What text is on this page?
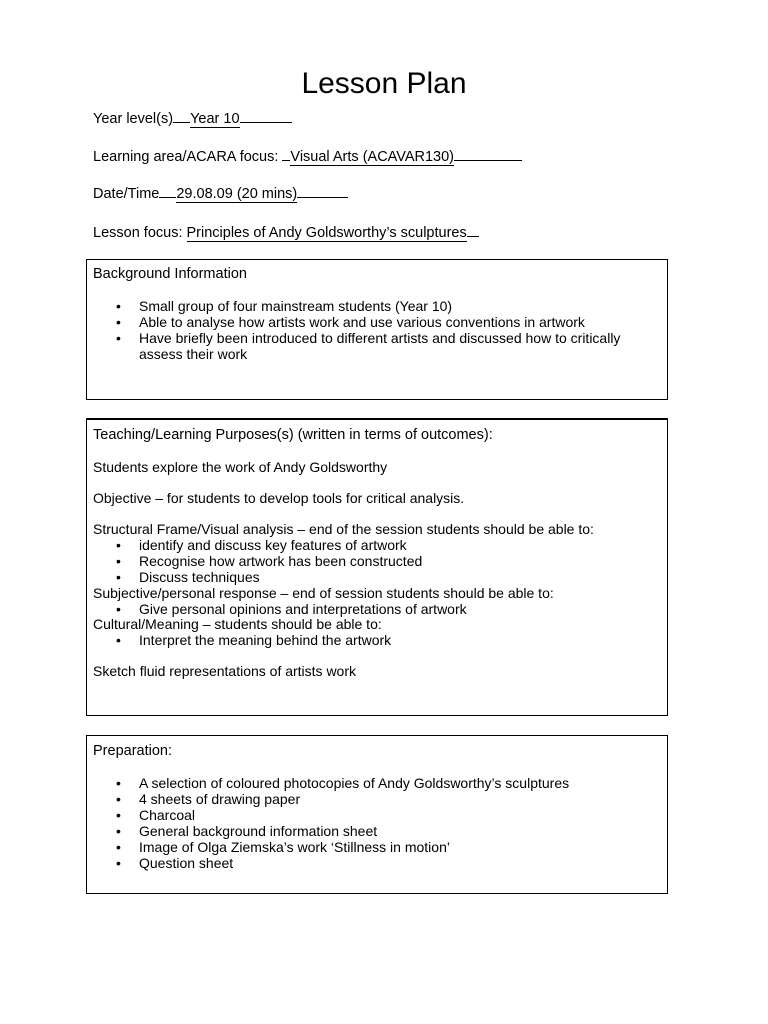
Lesson Plan
Year level(s) Year 10
Learning area/ACARA focus: Visual Arts (ACAVAR130)
Date/Time 29.08.09 (20 mins)
Lesson focus: Principles of Andy Goldsworthy’s sculptures
Background Information
• Small group of four mainstream students (Year 10)
• Able to analyse how artists work and use various conventions in artwork
• Have briefly been introduced to different artists and discussed how to critically assess their work
Teaching/Learning Purposes(s) (written in terms of outcomes):
Students explore the work of Andy Goldsworthy
Objective – for students to develop tools for critical analysis.
Structural Frame/Visual analysis – end of the session students should be able to:
• identify and discuss key features of artwork
• Recognise how artwork has been constructed
• Discuss techniques
Subjective/personal response – end of session students should be able to:
• Give personal opinions and interpretations of artwork
Cultural/Meaning – students should be able to:
• Interpret the meaning behind the artwork
Sketch fluid representations of artists work
Preparation:
• A selection of coloured photocopies of Andy Goldsworthy’s sculptures
• 4 sheets of drawing paper
• Charcoal
• General background information sheet
• Image of Olga Ziemska’s work ‘Stillness in motion’
• Question sheet
